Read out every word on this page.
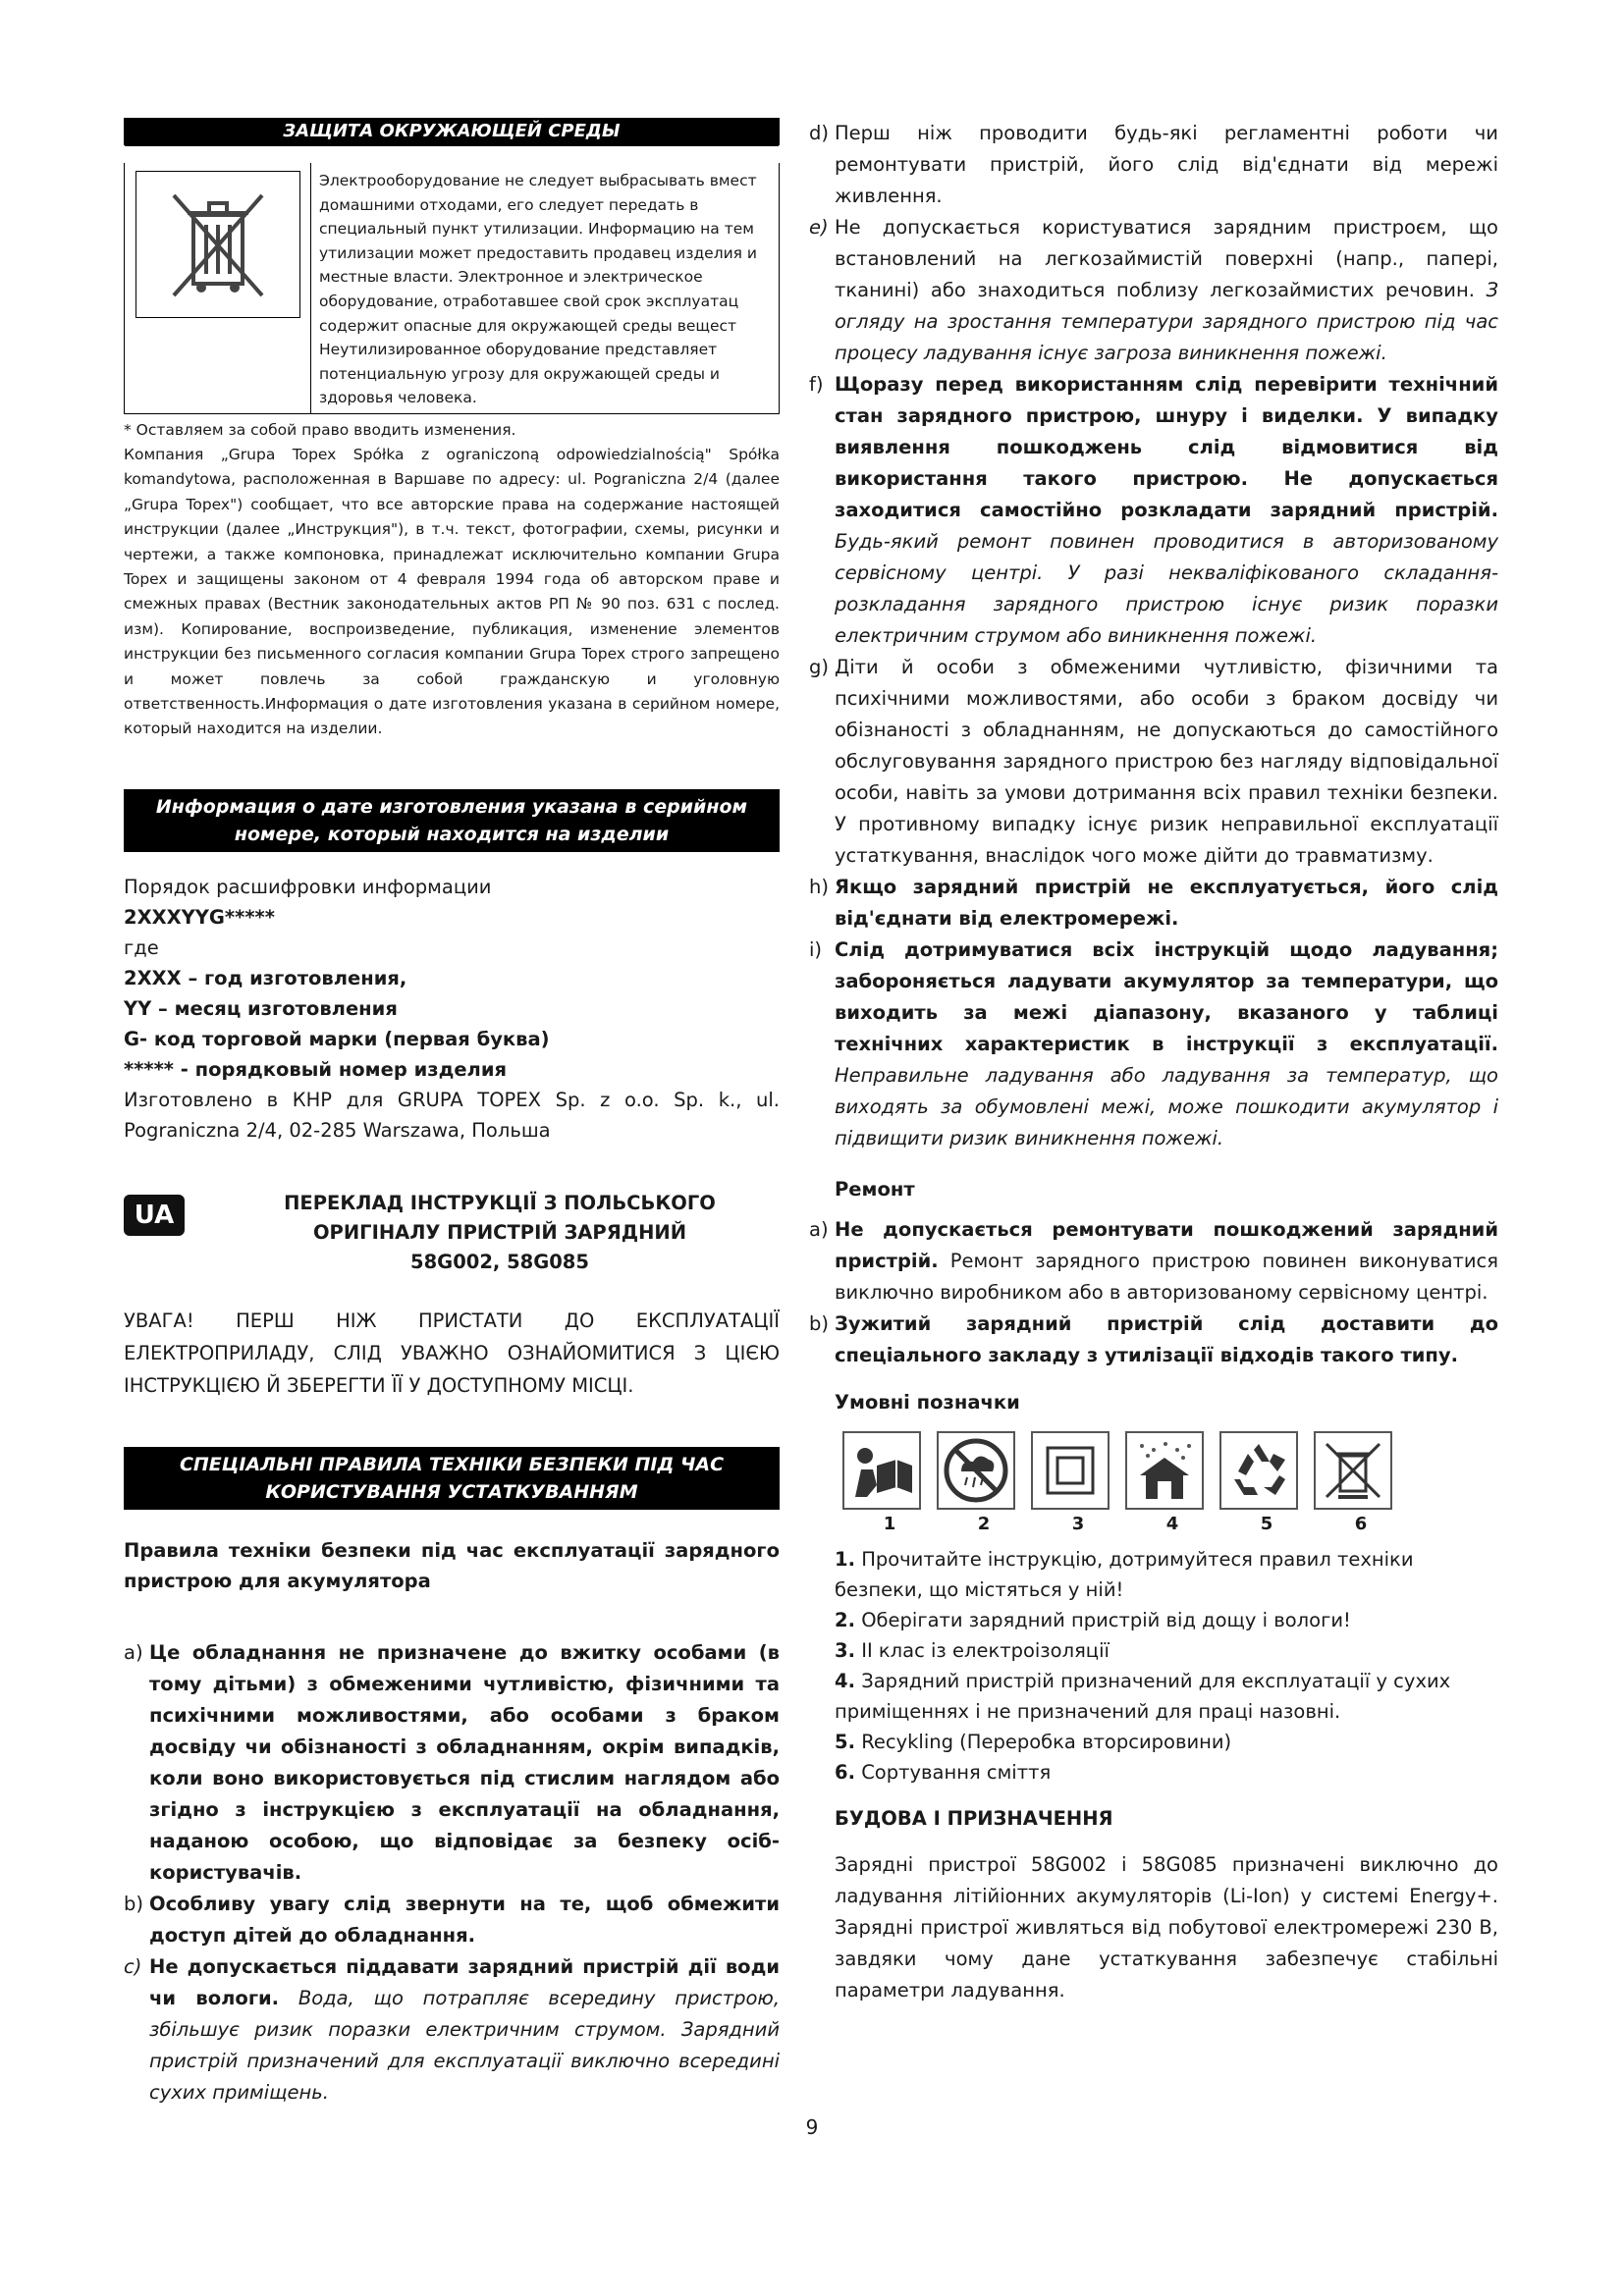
ЗАЩИТА ОКРУЖАЮЩЕЙ СРЕДЫ
Электрооборудование не следует выбрасывать вмест
домашними отходами, его следует передать в
специальный пункт утилизации. Информацию на тем
утилизации может предоставить продавец изделия и
местные власти. Электронное и электрическое
оборудование, отработавшее свой срок эксплуатац
содержит опасные для окружающей среды вещест
Неутилизированное оборудование представляет
потенциальную угрозу для окружающей среды и
здоровья человека.
* Оставляем за собой право вводить изменения.
Компания „Grupa Topex Spółka z ograniczoną odpowiedzialnością" Spółka komandytowa, расположенная в Варшаве по адресу: ul. Pograniczna 2/4 (далее „Grupa Topex") сообщает, что все авторские права на содержание настоящей инструкции (далее „Инструкция"), в т.ч. текст, фотографии, схемы, рисунки и чертежи, а также компоновка, принадлежат исключительно компании Grupa Topex и защищены законом от 4 февраля 1994 года об авторском праве и смежных правах (Вестник законодательных актов РП № 90 поз. 631 с послед. изм). Копирование, воспроизведение, публикация, изменение элементов инструкции без письменного согласия компании Grupa Topex строго запрещено и может повлечь за собой гражданскую и уголовную ответственность.Информация о дате изготовления указана в серийном номере, который находится на изделии.
Информация о дате изготовления указана в серийном номере, который находится на изделии
Порядок расшифровки информации
2XXXYYG*****
где
2XXX – год изготовления,
YY – месяц изготовления
G- код торговой марки (первая буква)
***** - порядковый номер изделия
Изготовлено в КНР для GRUPA TOPEX Sp. z o.o. Sp. k., ul. Pograniczna 2/4, 02-285 Warszawa, Польша
UA	ПЕРЕКЛАД ІНСТРУКЦІЇ З ПОЛЬСЬКОГО
ОРИГІНАЛУ ПРИСТРІЙ ЗАРЯДНИЙ
58G002, 58G085
УВАГА! ПЕРШ НІЖ ПРИСТАТИ ДО ЕКСПЛУАТАЦІЇ ЕЛЕКТРОПРИЛАДУ, СЛІД УВАЖНО ОЗНАЙОМИТИСЯ З ЦІЄЮ ІНСТРУКЦІЄЮ Й ЗБЕРЕГТИ ЇЇ У ДОСТУПНОМУ МІСЦІ.
СПЕЦІАЛЬНІ ПРАВИЛА ТЕХНІКИ БЕЗПЕКИ ПІД ЧАС КОРИСТУВАННЯ УСТАТКУВАННЯМ
Правила техніки безпеки під час експлуатації зарядного пристрою для акумулятора
a) Це обладнання не призначене до вжитку особами (в тому дітьми) з обмеженими чутливістю, фізичними та психічними можливостями, або особами з браком досвіду чи обізнаності з обладнанням, окрім випадків, коли воно використовується під стислим наглядом або згідно з інструкцією з експлуатації на обладнання, наданою особою, що відповідає за безпеку осіб-користувачів.
b) Особливу увагу слід звернути на те, щоб обмежити доступ дітей до обладнання.
c) Не допускається піддавати зарядний пристрій дії води чи вологи. Вода, що потрапляє всередину пристрою, збільшує ризик поразки електричним струмом. Зарядний пристрій призначений для експлуатації виключно всередині сухих приміщень.
d) Перш ніж проводити будь-які регламентні роботи чи ремонтувати пристрій, його слід від'єднати від мережі живлення.
e) Не допускається користуватися зарядним пристроєм, що встановлений на легкозаймистій поверхні (напр., папері, тканині) або знаходиться поблизу легкозаймистих речовин. З огляду на зростання температури зарядного пристрою під час процесу ладування існує загроза виникнення пожежі.
f) Щоразу перед використанням слід перевірити технічний стан зарядного пристрою, шнуру і виделки. У випадку виявлення пошкоджень слід відмовитися від використання такого пристрою. Не допускається заходитися самостійно розкладати зарядний пристрій. Будь-який ремонт повинен проводитися в авторизованому сервісному центрі. У разі некваліфікованого складання-розкладання зарядного пристрою існує ризик поразки електричним струмом або виникнення пожежі.
g) Діти й особи з обмеженими чутливістю, фізичними та психічними можливостями, або особи з браком досвіду чи обізнаності з обладнанням, не допускаються до самостійного обслуговування зарядного пристрою без нагляду відповідальної особи, навіть за умови дотримання всіх правил техніки безпеки. У противному випадку існує ризик неправильної експлуатації устаткування, внаслідок чого може дійти до травматизму.
h) Якщо зарядний пристрій не експлуатується, його слід від'єднати від електромережі.
i) Слід дотримуватися всіх інструкцій щодо ладування; забороняється ладувати акумулятор за температури, що виходить за межі діапазону, вказаного у таблиці технічних характеристик в інструкції з експлуатації. Неправильне ладування або ладування за температур, що виходять за обумовлені межі, може пошкодити акумулятор і підвищити ризик виникнення пожежі.
Ремонт
a) Не допускається ремонтувати пошкоджений зарядний пристрій. Ремонт зарядного пристрою повинен виконуватися виключно виробником або в авторизованому сервісному центрі.
b) Зужитий зарядний пристрій слід доставити до спеціального закладу з утилізації відходів такого типу.
Умовні позначки
1	2	3	4	5	6
1. Прочитайте інструкцію, дотримуйтеся правил техніки безпеки, що містяться у ній!
2. Оберігати зарядний пристрій від дощу і вологи!
3. II клас із електроізоляції
4. Зарядний пристрій призначений для експлуатації у сухих приміщеннях і не призначений для праці назовні.
5. Recykling (Переробка вторсировини)
6. Сортування сміття
БУДОВА І ПРИЗНАЧЕННЯ
Зарядні пристрої 58G002 і 58G085 призначені виключно до ладування літійіонних акумуляторів (Li-Ion) у системі Energy+. Зарядні пристрої живляться від побутової електромережі 230 В, завдяки чому дане устаткування забезпечує стабільні параметри ладування.
9
